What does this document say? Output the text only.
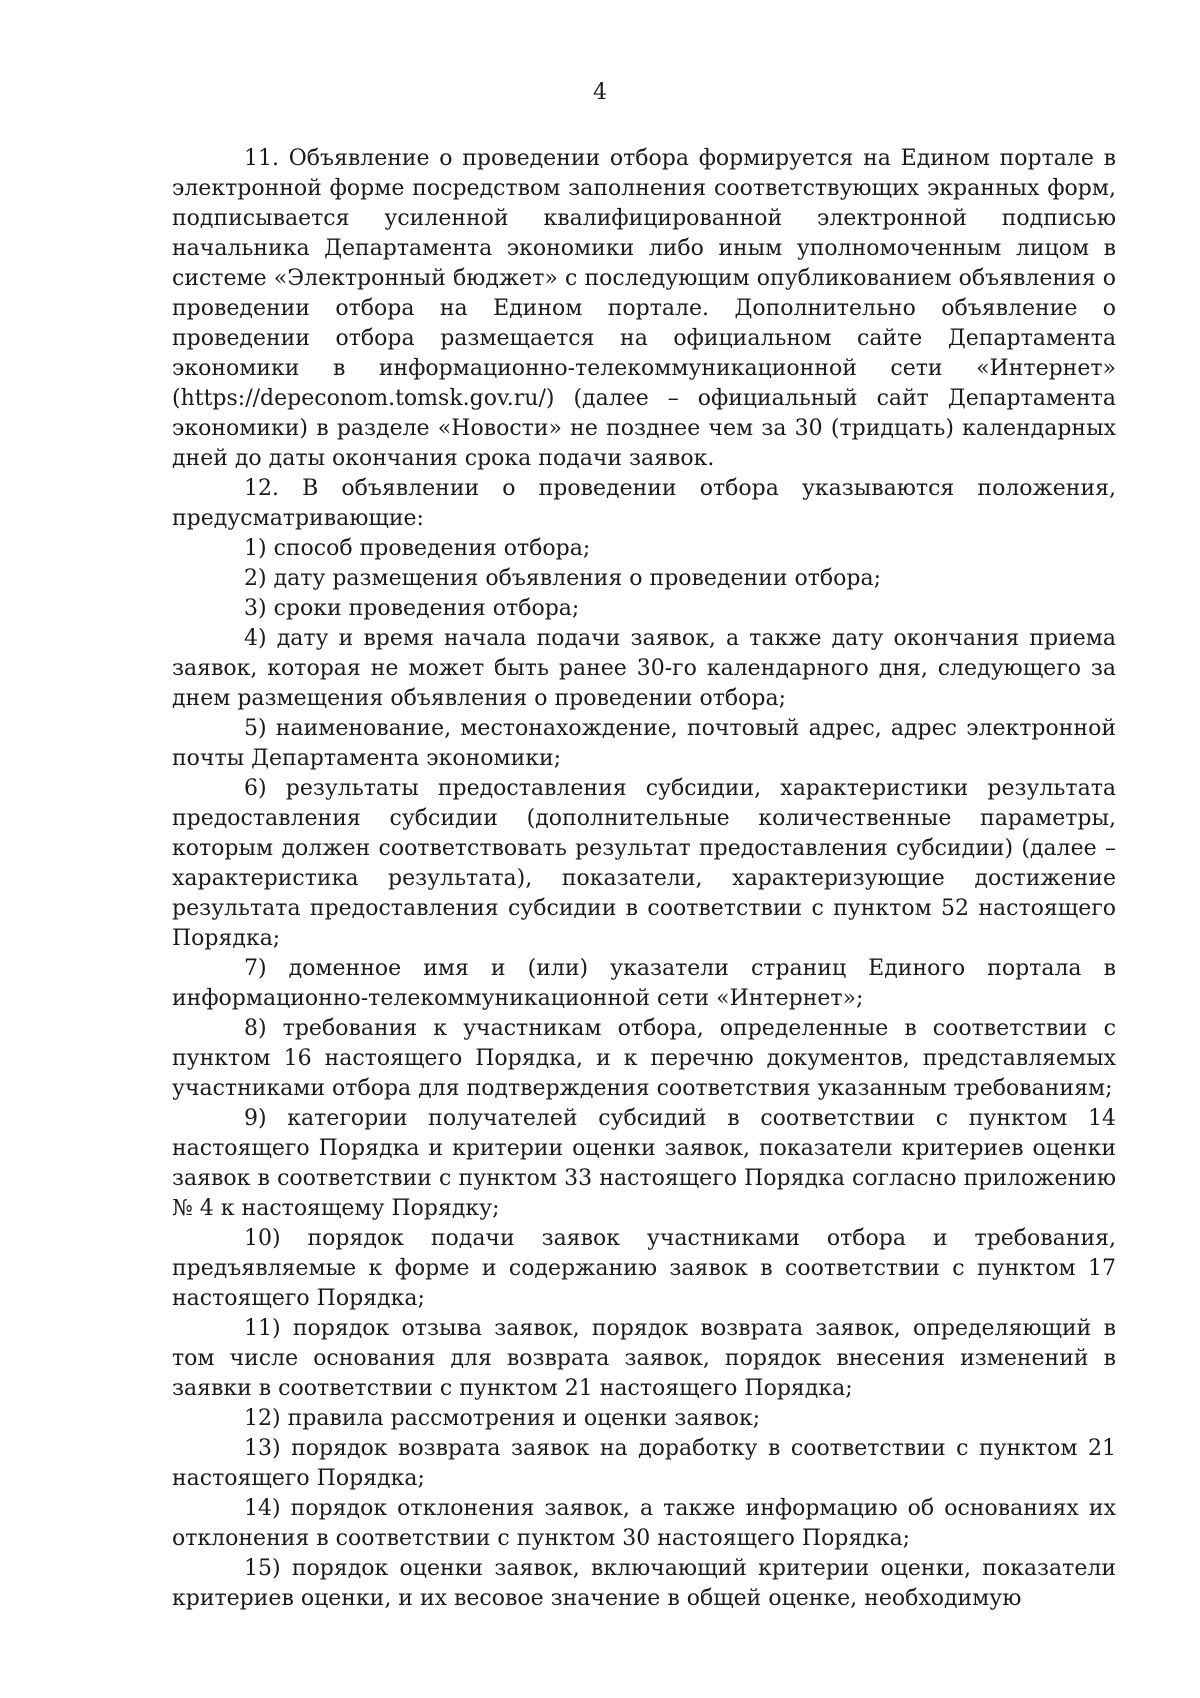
4

11. Объявление о проведении отбора формируется на Едином портале в электронной форме посредством заполнения соответствующих экранных форм, подписывается усиленной квалифицированной электронной подписью начальника Департамента экономики либо иным уполномоченным лицом в системе «Электронный бюджет» с последующим опубликованием объявления о проведении отбора на Едином портале. Дополнительно объявление о проведении отбора размещается на официальном сайте Департамента экономики в информационно-телекоммуникационной сети «Интернет» (https://depeconom.tomsk.gov.ru/) (далее – официальный сайт Департамента экономики) в разделе «Новости» не позднее чем за 30 (тридцать) календарных дней до даты окончания срока подачи заявок.

12. В объявлении о проведении отбора указываются положения, предусматривающие:

1) способ проведения отбора;

2) дату размещения объявления о проведении отбора;

3) сроки проведения отбора;

4) дату и время начала подачи заявок, а также дату окончания приема заявок, которая не может быть ранее 30-го календарного дня, следующего за днем размещения объявления о проведении отбора;

5) наименование, местонахождение, почтовый адрес, адрес электронной почты Департамента экономики;

6) результаты предоставления субсидии, характеристики результата предоставления субсидии (дополнительные количественные параметры, которым должен соответствовать результат предоставления субсидии) (далее – характеристика результата), показатели, характеризующие достижение результата предоставления субсидии в соответствии с пунктом 52 настоящего Порядка;

7) доменное имя и (или) указатели страниц Единого портала в информационно-телекоммуникационной сети «Интернет»;

8) требования к участникам отбора, определенные в соответствии с пунктом 16 настоящего Порядка, и к перечню документов, представляемых участниками отбора для подтверждения соответствия указанным требованиям;

9) категории получателей субсидий в соответствии с пунктом 14 настоящего Порядка и критерии оценки заявок, показатели критериев оценки заявок в соответствии с пунктом 33 настоящего Порядка согласно приложению № 4 к настоящему Порядку;

10) порядок подачи заявок участниками отбора и требования, предъявляемые к форме и содержанию заявок в соответствии с пунктом 17 настоящего Порядка;

11) порядок отзыва заявок, порядок возврата заявок, определяющий в том числе основания для возврата заявок, порядок внесения изменений в заявки в соответствии с пунктом 21 настоящего Порядка;

12) правила рассмотрения и оценки заявок;

13) порядок возврата заявок на доработку в соответствии с пунктом 21 настоящего Порядка;

14) порядок отклонения заявок, а также информацию об основаниях их отклонения в соответствии с пунктом 30 настоящего Порядка;

15) порядок оценки заявок, включающий критерии оценки, показатели критериев оценки, и их весовое значение в общей оценке, необходимую
